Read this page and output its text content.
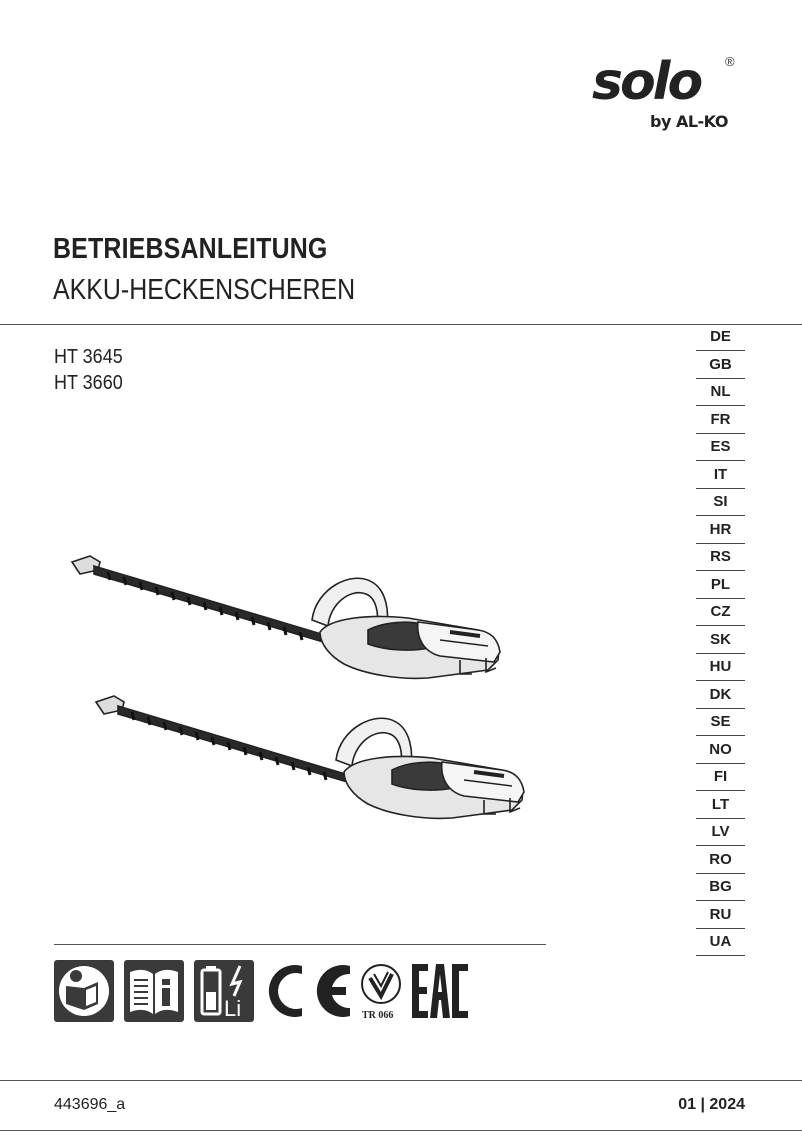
solo ®
by AL-KO
BETRIEBSANLEITUNG
AKKU-HECKENSCHEREN
HT 3645
HT 3660
DE
GB
NL
FR
ES
IT
SI
HR
RS
PL
CZ
SK
HU
DK
SE
NO
FI
LT
LV
RO
BG
RU
UA
Li	TR 066
443696_a	01 | 2024
